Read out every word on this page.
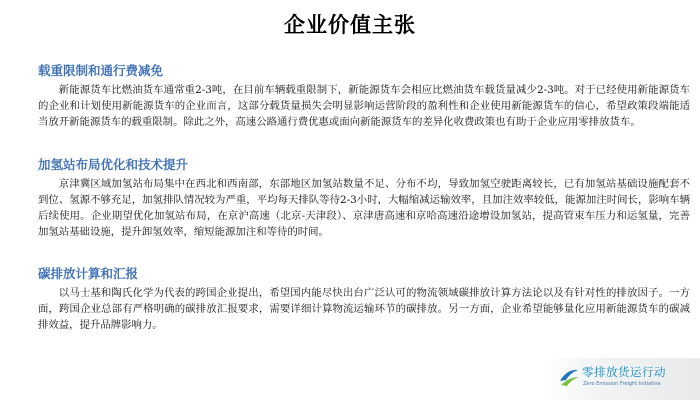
企业价值主张
载重限制和通行费减免

新能源货车比燃油货车通常重2-3吨，在目前车辆载重限制下，新能源货车会相应比燃油货车载货量减少2-3吨。对于已经使用新能源货车的企业和计划使用新能源货车的企业而言，这部分载货量损失会明显影响运营阶段的盈利性和企业使用新能源货车的信心，希望政策段端能适当放开新能源货车的载重限制。除此之外，高速公路通行费优惠或面向新能源货车的差异化收费政策也有助于企业应用零排放货车。

加氢站布局优化和技术提升

京津冀区域加氢站布局集中在西北和西南部，东部地区加氢站数量不足、分布不均，导致加氢空驶距离较长，已有加氢站基础设施配套不到位、氢源不够充足，加氢排队情况较为严重，平均每天排队等待2-3小时，大幅缩减运输效率，且加注效率较低，能源加注时间长，影响车辆后续使用。企业期望优化加氢站布局，在京沪高速（北京-天津段）、京津唐高速和京哈高速沿途增设加氢站，提高管束车压力和运氢量，完善加氢站基础设施，提升卸氢效率，缩短能源加注和等待的时间。

碳排放计算和汇报

以马士基和陶氏化学为代表的跨国企业提出，希望国内能尽快出台广泛认可的物流领域碳排放计算方法论以及有针对性的排放因子。一方面，跨国企业总部有严格明确的碳排放汇报要求，需要详细计算物流运输环节的碳排放。另一方面，企业希望能够量化应用新能源货车的碳减排效益，提升品牌影响力。

零排放货运行动
Zero Emission Freight Initiative
